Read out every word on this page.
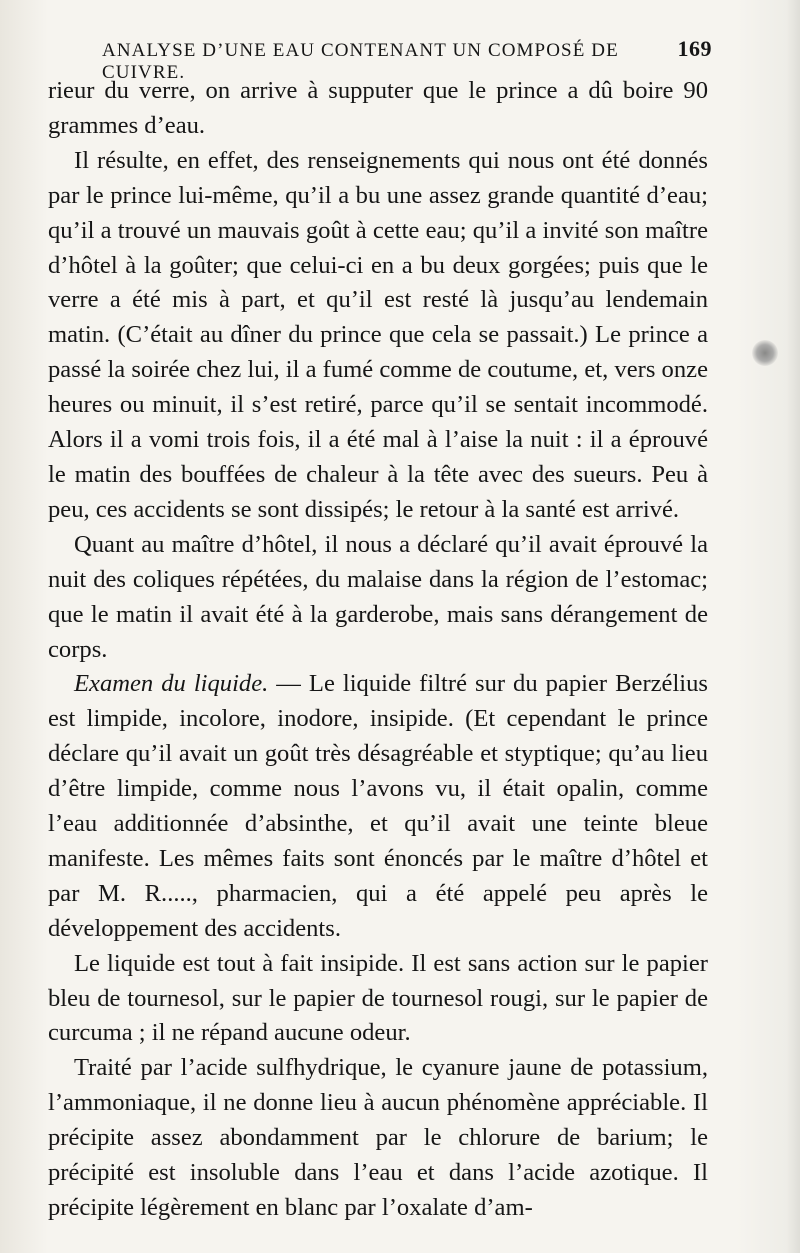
ANALYSE D’UNE EAU CONTENANT UN COMPOSÉ DE CUIVRE.
169

rieur du verre, on arrive à supputer que le prince a dû boire 90 grammes d’eau.

Il résulte, en effet, des renseignements qui nous ont été donnés par le prince lui-même, qu’il a bu une assez grande quantité d’eau; qu’il a trouvé un mauvais goût à cette eau; qu’il a invité son maître d’hôtel à la goûter; que celui-ci en a bu deux gorgées; puis que le verre a été mis à part, et qu’il est resté là jusqu’au lendemain matin. (C’était au dîner du prince que cela se passait.) Le prince a passé la soirée chez lui, il a fumé comme de coutume, et, vers onze heures ou minuit, il s’est retiré, parce qu’il se sentait incommodé. Alors il a vomi trois fois, il a été mal à l’aise la nuit : il a éprouvé le matin des bouffées de chaleur à la tête avec des sueurs. Peu à peu, ces accidents se sont dissipés; le retour à la santé est arrivé.

Quant au maître d’hôtel, il nous a déclaré qu’il avait éprouvé la nuit des coliques répétées, du malaise dans la région de l’estomac; que le matin il avait été à la garderobe, mais sans dérangement de corps.

Examen du liquide. — Le liquide filtré sur du papier Berzélius est limpide, incolore, inodore, insipide. (Et cependant le prince déclare qu’il avait un goût très désagréable et styptique; qu’au lieu d’être limpide, comme nous l’avons vu, il était opalin, comme l’eau additionnée d’absinthe, et qu’il avait une teinte bleue manifeste. Les mêmes faits sont énoncés par le maître d’hôtel et par M. R....., pharmacien, qui a été appelé peu après le développement des accidents.

Le liquide est tout à fait insipide. Il est sans action sur le papier bleu de tournesol, sur le papier de tournesol rougi, sur le papier de curcuma ; il ne répand aucune odeur.

Traité par l’acide sulfhydrique, le cyanure jaune de potassium, l’ammoniaque, il ne donne lieu à aucun phénomène appréciable. Il précipite assez abondamment par le chlorure de barium; le précipité est insoluble dans l’eau et dans l’acide azotique. Il précipite légèrement en blanc par l’oxalate d’am-
